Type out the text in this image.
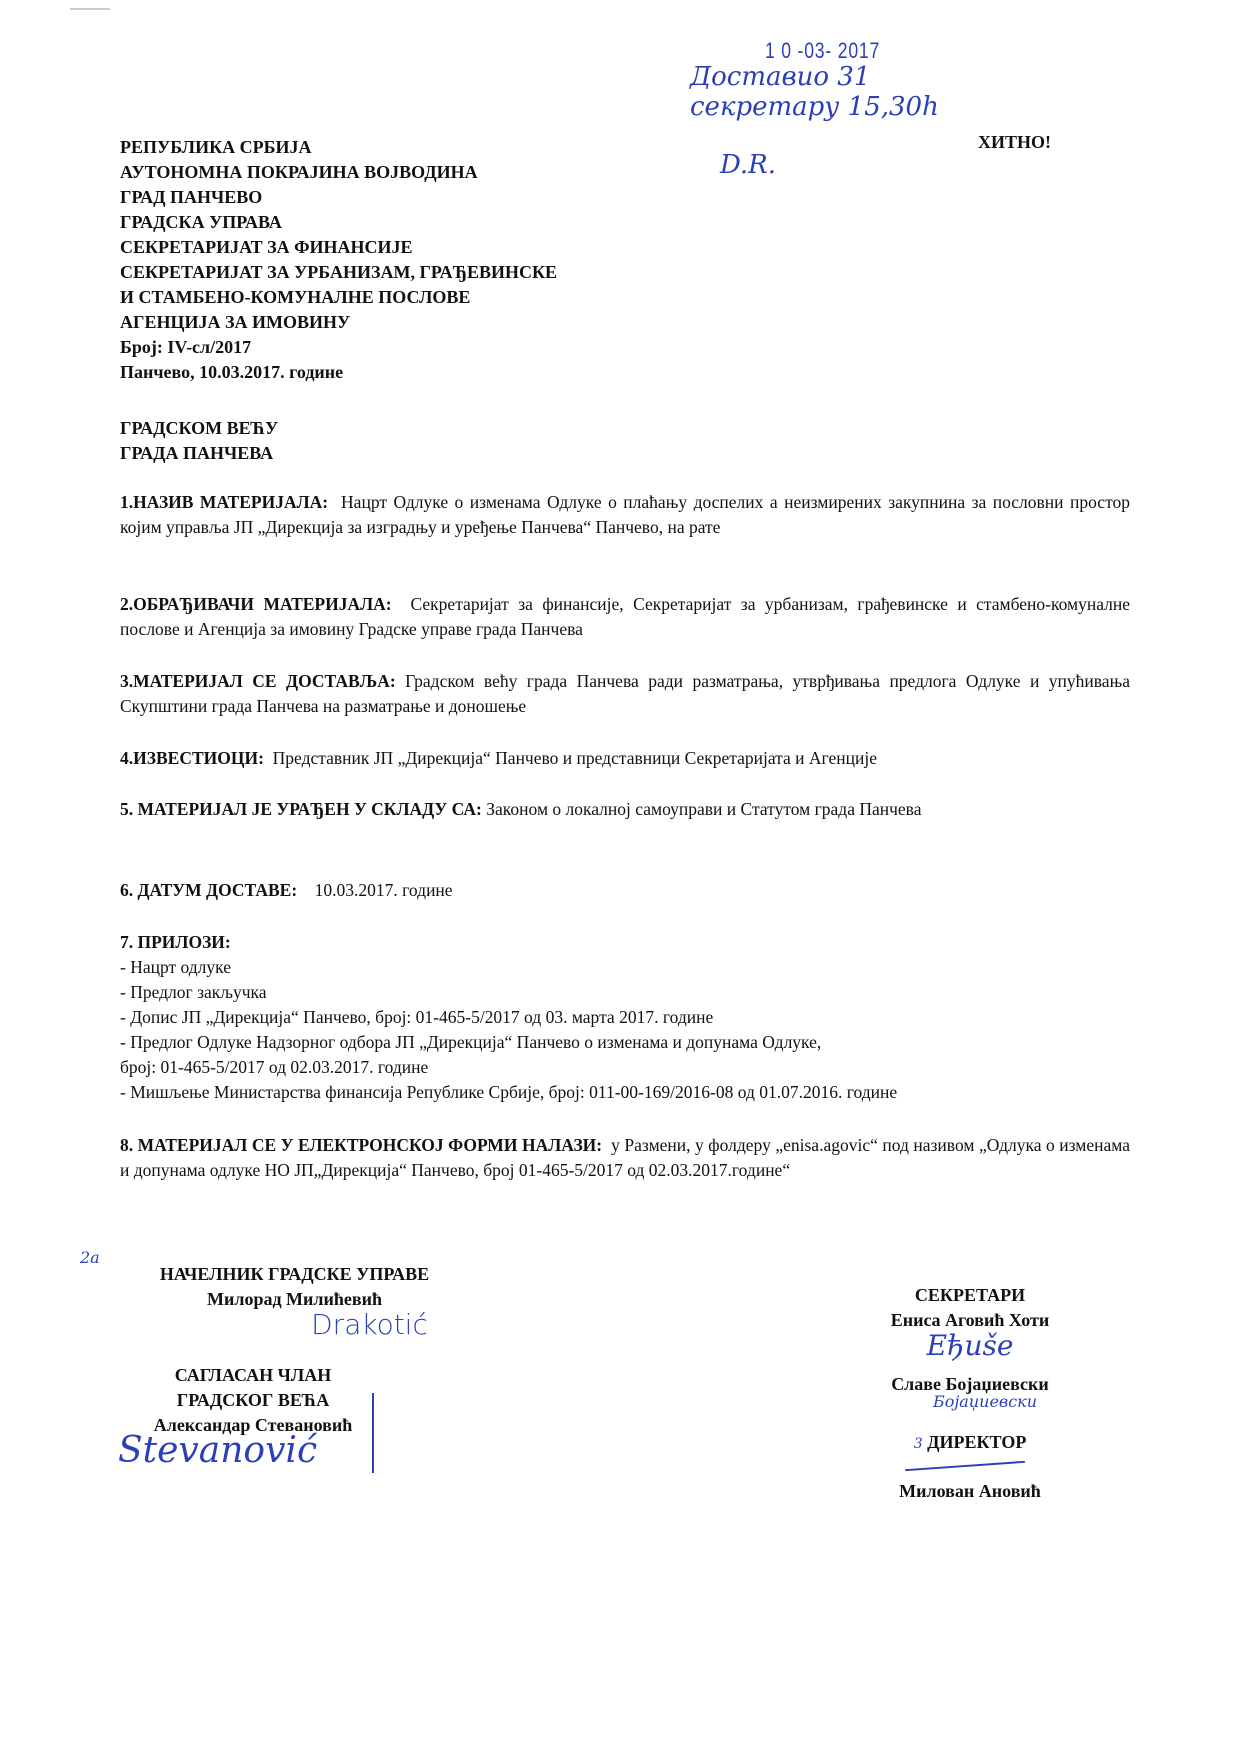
1 0 -03- 2017
Доставио 31
секретару 15,30h
D.R.
ХИТНО!
РЕПУБЛИКА СРБИЈА
АУТОНОМНА ПОКРАЈИНА ВОЈВОДИНА
ГРАД ПАНЧЕВО
ГРАДСКА УПРАВА
СЕКРЕТАРИЈАТ ЗА ФИНАНСИЈЕ
СЕКРЕТАРИЈАТ ЗА УРБАНИЗАМ, ГРАЂЕВИНСКЕ
И СТАМБЕНО-КОМУНАЛНЕ ПОСЛОВЕ
АГЕНЦИЈА ЗА ИМОВИНУ
Број: IV-сл/2017
Панчево, 10.03.2017. године
ГРАДСКОМ ВЕЋУ
ГРАДА ПАНЧЕВА
1.НАЗИВ МАТЕРИЈАЛА: Нацрт Одлуке о изменама Одлуке о плаћању доспелих а неизмирених закупнина за пословни простор којим управља ЈП „Дирекција за изградњу и уређење Панчева“ Панчево, на рате
2.ОБРАЂИВАЧИ МАТЕРИЈАЛА: Секретаријат за финансије, Секретаријат за урбанизам, грађевинске и стамбено-комуналне послове и Агенција за имовину Градске управе града Панчева
3.МАТЕРИЈАЛ СЕ ДОСТАВЉА: Градском већу града Панчева ради разматрања, утврђивања предлога Одлуке и упућивања Скупштини града Панчева на разматрање и доношење
4.ИЗВЕСТИОЦИ: Представник ЈП „Дирекција“ Панчево и представници Секретаријата и Агенције
5. МАТЕРИЈАЛ ЈЕ УРАЂЕН У СКЛАДУ СА: Законом о локалној самоуправи и Статутом града Панчева
6. ДАТУМ ДОСТАВЕ: 10.03.2017. године
7. ПРИЛОЗИ:
- Нацрт одлуке
- Предлог закључка
- Допис ЈП „Дирекција“ Панчево, број: 01-465-5/2017 од 03. марта 2017. године
- Предлог Одлуке Надзорног одбора ЈП „Дирекција“ Панчево о изменама и допунама Одлуке,
број: 01-465-5/2017 од 02.03.2017. године
- Мишљење Министарства финансија Републике Србије, број: 011-00-169/2016-08 од 01.07.2016. године
8. МАТЕРИЈАЛ СЕ У ЕЛЕКТРОНСКОЈ ФОРМИ НАЛАЗИ: у Размени, у фолдеру „enisa.agovic“ под називом „Одлука о изменама и допунама одлуке НО ЈП„Дирекција“ Панчево, број 01-465-5/2017 од 02.03.2017.године“
2a
НАЧЕЛНИК ГРАДСКЕ УПРАВЕ
Милорад Милићевић
Drakotić
САГЛАСАН ЧЛАН
ГРАДСКОГ ВЕЋА
Александар Стевановић
Stevanović
СЕКРЕТАРИ
Енисa Аговић Хоти
Eђuše
Славе Бојаџиевски
Бојаџиевски
3 ДИРЕКТОР
Милован Ановић
